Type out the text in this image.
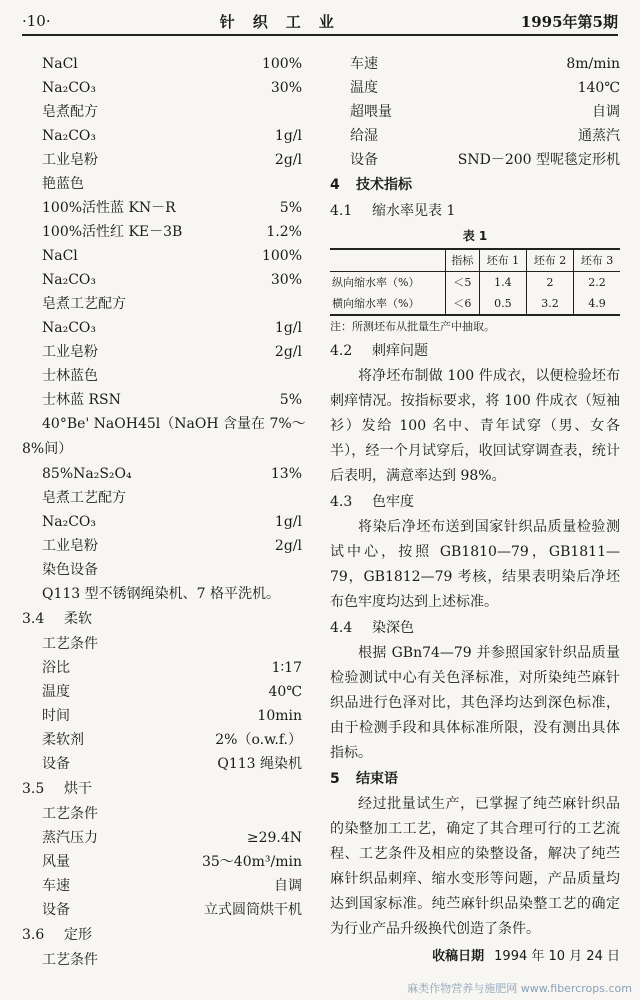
·10·	针织工业	1995年第5期
NaCl	100%
Na₂CO₃	30%
皂煮配方
Na₂CO₃	1g/l
工业皂粉	2g/l
艳蓝色
100%活性蓝 KN－R	5%
100%活性红 KE－3B	1.2%
NaCl	100%
Na₂CO₃	30%
皂煮工艺配方
Na₂CO₃	1g/l
工业皂粉	2g/l
士林蓝色
士林蓝 RSN	5%
40°Be' NaOH45l（NaOH 含量在 7%～
8%间）
85%Na₂S₂O₄	13%
皂煮工艺配方
Na₂CO₃	1g/l
工业皂粉	2g/l
染色设备
Q113 型不锈钢绳染机、7 格平洗机。
3.4	柔软
工艺条件
浴比	1∶17
温度	40℃
时间	10min
柔软剂	2%（o.w.f.）
设备	Q113 绳染机
3.5	烘干
工艺条件
蒸汽压力	≥29.4N
风量	35～40m³/min
车速	自调
设备	立式圆筒烘干机
3.6	定形
工艺条件
车速	8m/min
温度	140℃
超喂量	自调
给湿	通蒸汽
设备	SND－200 型呢毯定形机
4	技术指标
4.1	缩水率见表 1
表 1
	指标	坯布 1	坯布 2	坯布 3
纵向缩水率（%）	＜5	1.4	2	2.2
横向缩水率（%）	＜6	0.5	3.2	4.9
注：所测坯布从批量生产中抽取。
4.2	刺痒问题

将净坯布制做 100 件成衣，以便检验坯布刺痒情况。按指标要求，将 100 件成衣（短袖衫）发给 100 名中、青年试穿（男、女各半），经一个月试穿后，收回试穿调查表，统计后表明，满意率达到 98%。

4.3	色牢度

将染后净坯布送到国家针织品质量检验测试中心，按照 GB1810—79，GB1811—79，GB1812—79 考核，结果表明染后净坯布色牢度均达到上述标准。

4.4	染深色

根据 GBn74—79 并参照国家针织品质量检验测试中心有关色泽标准，对所染纯苎麻针织品进行色泽对比，其色泽均达到深色标准，由于检测手段和具体标准所限，没有测出具体指标。

5	结束语

经过批量试生产，已掌握了纯苎麻针织品的染整加工工艺，确定了其合理可行的工艺流程、工艺条件及相应的染整设备，解决了纯苎麻针织品刺痒、缩水变形等问题，产品质量均达到国家标准。纯苎麻针织品染整工艺的确定为行业产品升级换代创造了条件。

收稿日期 1994 年 10 月 24 日
麻类作物营养与施肥网 www.fibercrops.com
